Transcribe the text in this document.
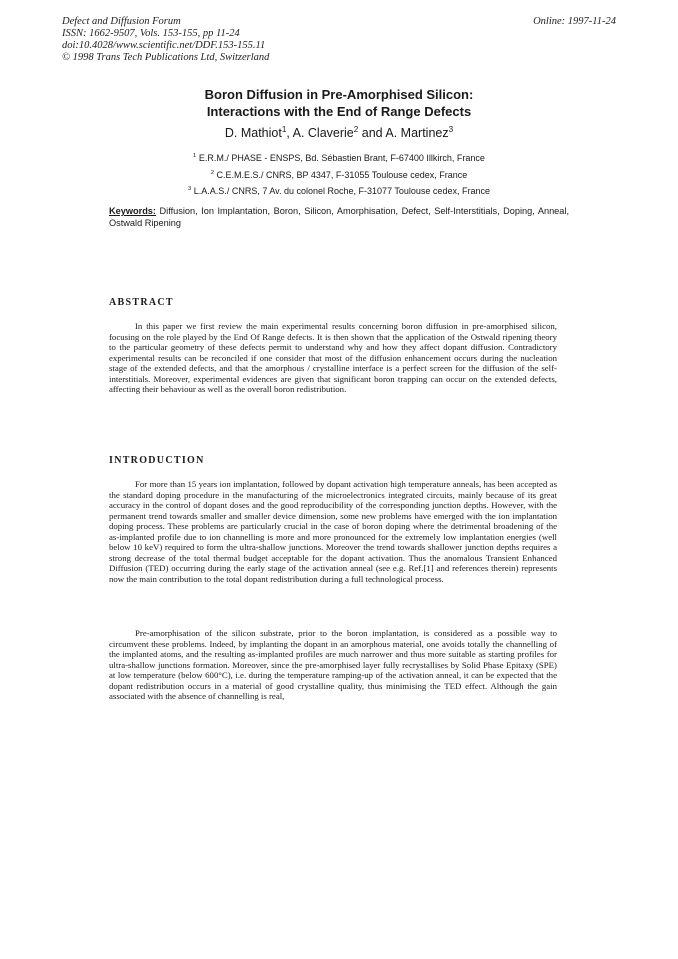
Defect and Diffusion Forum
ISSN: 1662-9507, Vols. 153-155, pp 11-24
doi:10.4028/www.scientific.net/DDF.153-155.11
© 1998 Trans Tech Publications Ltd, Switzerland
Online: 1997-11-24
Boron Diffusion in Pre-Amorphised Silicon:
Interactions with the End of Range Defects
D. Mathiot$^1$, A. Claverie$^2$ and A. Martinez$^3$
$^1$ E.R.M./ PHASE - ENSPS, Bd. Sébastien Brant, F-67400 Illkirch, France
$^2$ C.E.M.E.S./ CNRS, BP 4347, F-31055 Toulouse cedex, France
$^3$ L.A.A.S./ CNRS, 7 Av. du colonel Roche, F-31077 Toulouse cedex, France
Keywords: Diffusion, Ion Implantation, Boron, Silicon, Amorphisation, Defect, Self-Interstitials, Doping, Anneal, Ostwald Ripening
ABSTRACT

In this paper we first review the main experimental results concerning boron diffusion in pre-amorphised silicon, focusing on the role played by the End Of Range defects. It is then shown that the application of the Ostwald ripening theory to the particular geometry of these defects permit to understand why and how they affect dopant diffusion. Contradictory experimental results can be reconciled if one consider that most of the diffusion enhancement occurs during the nucleation stage of the extended defects, and that the amorphous / crystalline interface is a perfect screen for the diffusion of the self-interstitials. Moreover, experimental evidences are given that significant boron trapping can occur on the extended defects, affecting their behaviour as well as the overall boron redistribution.

INTRODUCTION

For more than 15 years ion implantation, followed by dopant activation high temperature anneals, has been accepted as the standard doping procedure in the manufacturing of the microelectronics integrated circuits, mainly because of its great accuracy in the control of dopant doses and the good reproducibility of the corresponding junction depths. However, with the permanent trend towards smaller and smaller device dimension, some new problems have emerged with the ion implantation doping process. These problems are particularly crucial in the case of boron doping where the detrimental broadening of the as-implanted profile due to ion channelling is more and more pronounced for the extremely low implantation energies (well below 10 keV) required to form the ultra-shallow junctions. Moreover the trend towards shallower junction depths requires a strong decrease of the total thermal budget acceptable for the dopant activation. Thus the anomalous Transient Enhanced Diffusion (TED) occurring during the early stage of the activation anneal (see e.g. Ref.[1] and references therein) represents now the main contribution to the total dopant redistribution during a full technological process.

Pre-amorphisation of the silicon substrate, prior to the boron implantation, is considered as a possible way to circumvent these problems. Indeed, by implanting the dopant in an amorphous material, one avoids totally the channelling of the implanted atoms, and the resulting as-implanted profiles are much narrower and thus more suitable as starting profiles for ultra-shallow junctions formation. Moreover, since the pre-amorphised layer fully recrystallises by Solid Phase Epitaxy (SPE) at low temperature (below 600°C), i.e. during the temperature ramping-up of the activation anneal, it can be expected that the dopant redistribution occurs in a material of good crystalline quality, thus minimising the TED effect. Although the gain associated with the absence of channelling is real,
